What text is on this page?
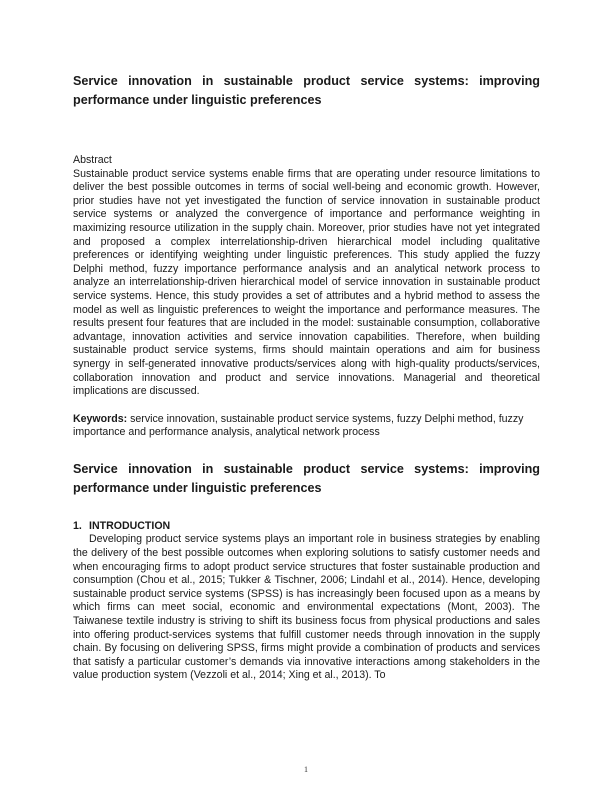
Service innovation in sustainable product service systems: improving performance under linguistic preferences

Abstract

Sustainable product service systems enable firms that are operating under resource limitations to deliver the best possible outcomes in terms of social well-being and economic growth. However, prior studies have not yet investigated the function of service innovation in sustainable product service systems or analyzed the convergence of importance and performance weighting in maximizing resource utilization in the supply chain. Moreover, prior studies have not yet integrated and proposed a complex interrelationship-driven hierarchical model including qualitative preferences or identifying weighting under linguistic preferences. This study applied the fuzzy Delphi method, fuzzy importance performance analysis and an analytical network process to analyze an interrelationship-driven hierarchical model of service innovation in sustainable product service systems. Hence, this study provides a set of attributes and a hybrid method to assess the model as well as linguistic preferences to weight the importance and performance measures. The results present four features that are included in the model: sustainable consumption, collaborative advantage, innovation activities and service innovation capabilities. Therefore, when building sustainable product service systems, firms should maintain operations and aim for business synergy in self-generated innovative products/services along with high-quality products/services, collaboration innovation and product and service innovations. Managerial and theoretical implications are discussed.

Keywords: service innovation, sustainable product service systems, fuzzy Delphi method, fuzzy importance and performance analysis, analytical network process

Service innovation in sustainable product service systems: improving performance under linguistic preferences

1. INTRODUCTION

Developing product service systems plays an important role in business strategies by enabling the delivery of the best possible outcomes when exploring solutions to satisfy customer needs and when encouraging firms to adopt product service structures that foster sustainable production and consumption (Chou et al., 2015; Tukker & Tischner, 2006; Lindahl et al., 2014). Hence, developing sustainable product service systems (SPSS) is has increasingly been focused upon as a means by which firms can meet social, economic and environmental expectations (Mont, 2003). The Taiwanese textile industry is striving to shift its business focus from physical productions and sales into offering product-services systems that fulfill customer needs through innovation in the supply chain. By focusing on delivering SPSS, firms might provide a combination of products and services that satisfy a particular customer’s demands via innovative interactions among stakeholders in the value production system (Vezzoli et al., 2014; Xing et al., 2013). To

1
